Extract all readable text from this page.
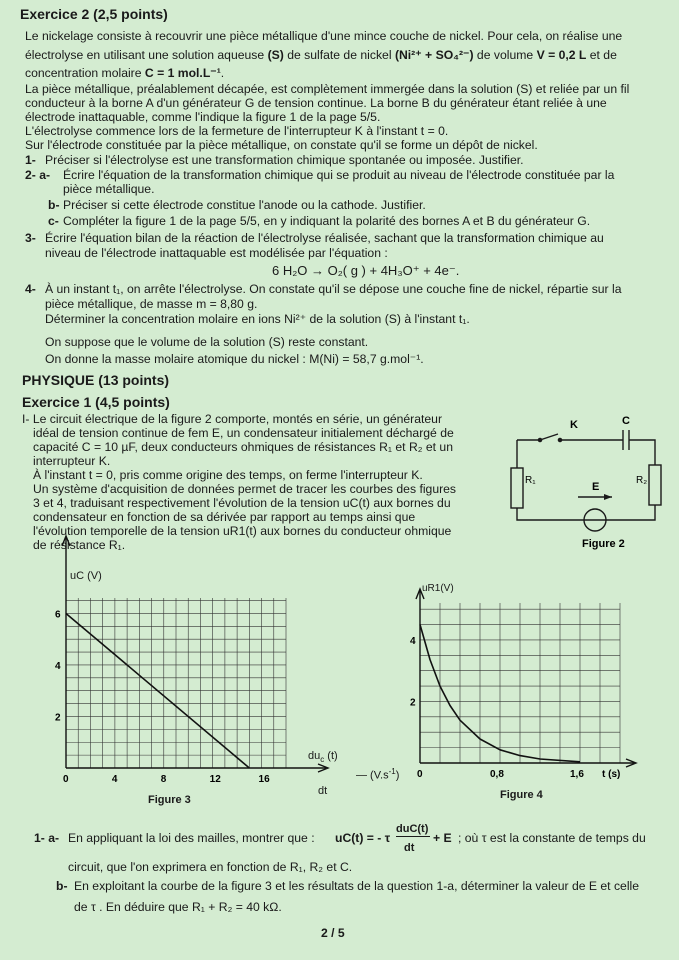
Exercice 2 (2,5 points)
Le nickelage consiste à recouvrir une pièce métallique d'une mince couche de nickel. Pour cela, on réalise une
électrolyse en utilisant une solution aqueuse (S) de sulfate de nickel (Ni²⁺ + SO₄²⁻) de volume V = 0,2 L et de
concentration molaire C = 1 mol.L⁻¹.
La pièce métallique, préalablement décapée, est complètement immergée dans la solution (S) et reliée par un fil
conducteur à la borne A d'un générateur G de tension continue. La borne B du générateur étant reliée à une
électrode inattaquable, comme l'indique la figure 1 de la page 5/5.
L'électrolyse commence lors de la fermeture de l'interrupteur K à l'instant t = 0.
Sur l'électrode constituée par la pièce métallique, on constate qu'il se forme un dépôt de nickel.
1- Préciser si l'électrolyse est une transformation chimique spontanée ou imposée. Justifier.
2- a- Écrire l'équation de la transformation chimique qui se produit au niveau de l'électrode constituée par la
pièce métallique.
b- Préciser si cette électrode constitue l'anode ou la cathode. Justifier.
c- Compléter la figure 1 de la page 5/5, en y indiquant la polarité des bornes A et B du générateur G.
3- Écrire l'équation bilan de la réaction de l'électrolyse réalisée, sachant que la transformation chimique au
niveau de l'électrode inattaquable est modélisée par l'équation :
6 H₂O → O₂( g ) + 4H₃O⁺ + 4e⁻.
4- À un instant t₁, on arrête l'électrolyse. On constate qu'il se dépose une couche fine de nickel, répartie sur la
pièce métallique, de masse m = 8,80 g.
Déterminer la concentration molaire en ions Ni²⁺ de la solution (S) à l'instant t₁.
On suppose que le volume de la solution (S) reste constant.
On donne la masse molaire atomique du nickel : M(Ni) = 58,7 g.mol⁻¹.
PHYSIQUE (13 points)
Exercice 1 (4,5 points)
I- Le circuit électrique de la figure 2 comporte, montés en série, un générateur
idéal de tension continue de fem E, un condensateur initialement déchargé de
capacité C = 10 µF, deux conducteurs ohmiques de résistances R₁ et R₂ et un
interrupteur K.
À l'instant t = 0, pris comme origine des temps, on ferme l'interrupteur K.
Un système d'acquisition de données permet de tracer les courbes des figures
3 et 4, traduisant respectivement l'évolution de la tension uC(t) aux bornes du
condensateur en fonction de sa dérivée par rapport au temps ainsi que
l'évolution temporelle de la tension uR1(t) aux bornes du conducteur ohmique
de résistance R₁.
K	C
R₁	R₂
E
Figure 2
0	4	8	12	16
2
4
6
uC (V)
$du_c$ (t)
— $(V.s^{-1})$
dt
Figure 3
0	0,8	1,6 t (s)
2
4
uR1(V)
Figure 4
1- a- En appliquant la loi des mailles, montrer que : uC(t) = - τ
duC(t)
dt
+ E ; où τ est la constante de temps du
circuit, que l'on exprimera en fonction de R₁, R₂ et C.
b- En exploitant la courbe de la figure 3 et les résultats de la question 1-a, déterminer la valeur de E et celle
de τ . En déduire que R₁ + R₂ = 40 kΩ.
2 / 5
